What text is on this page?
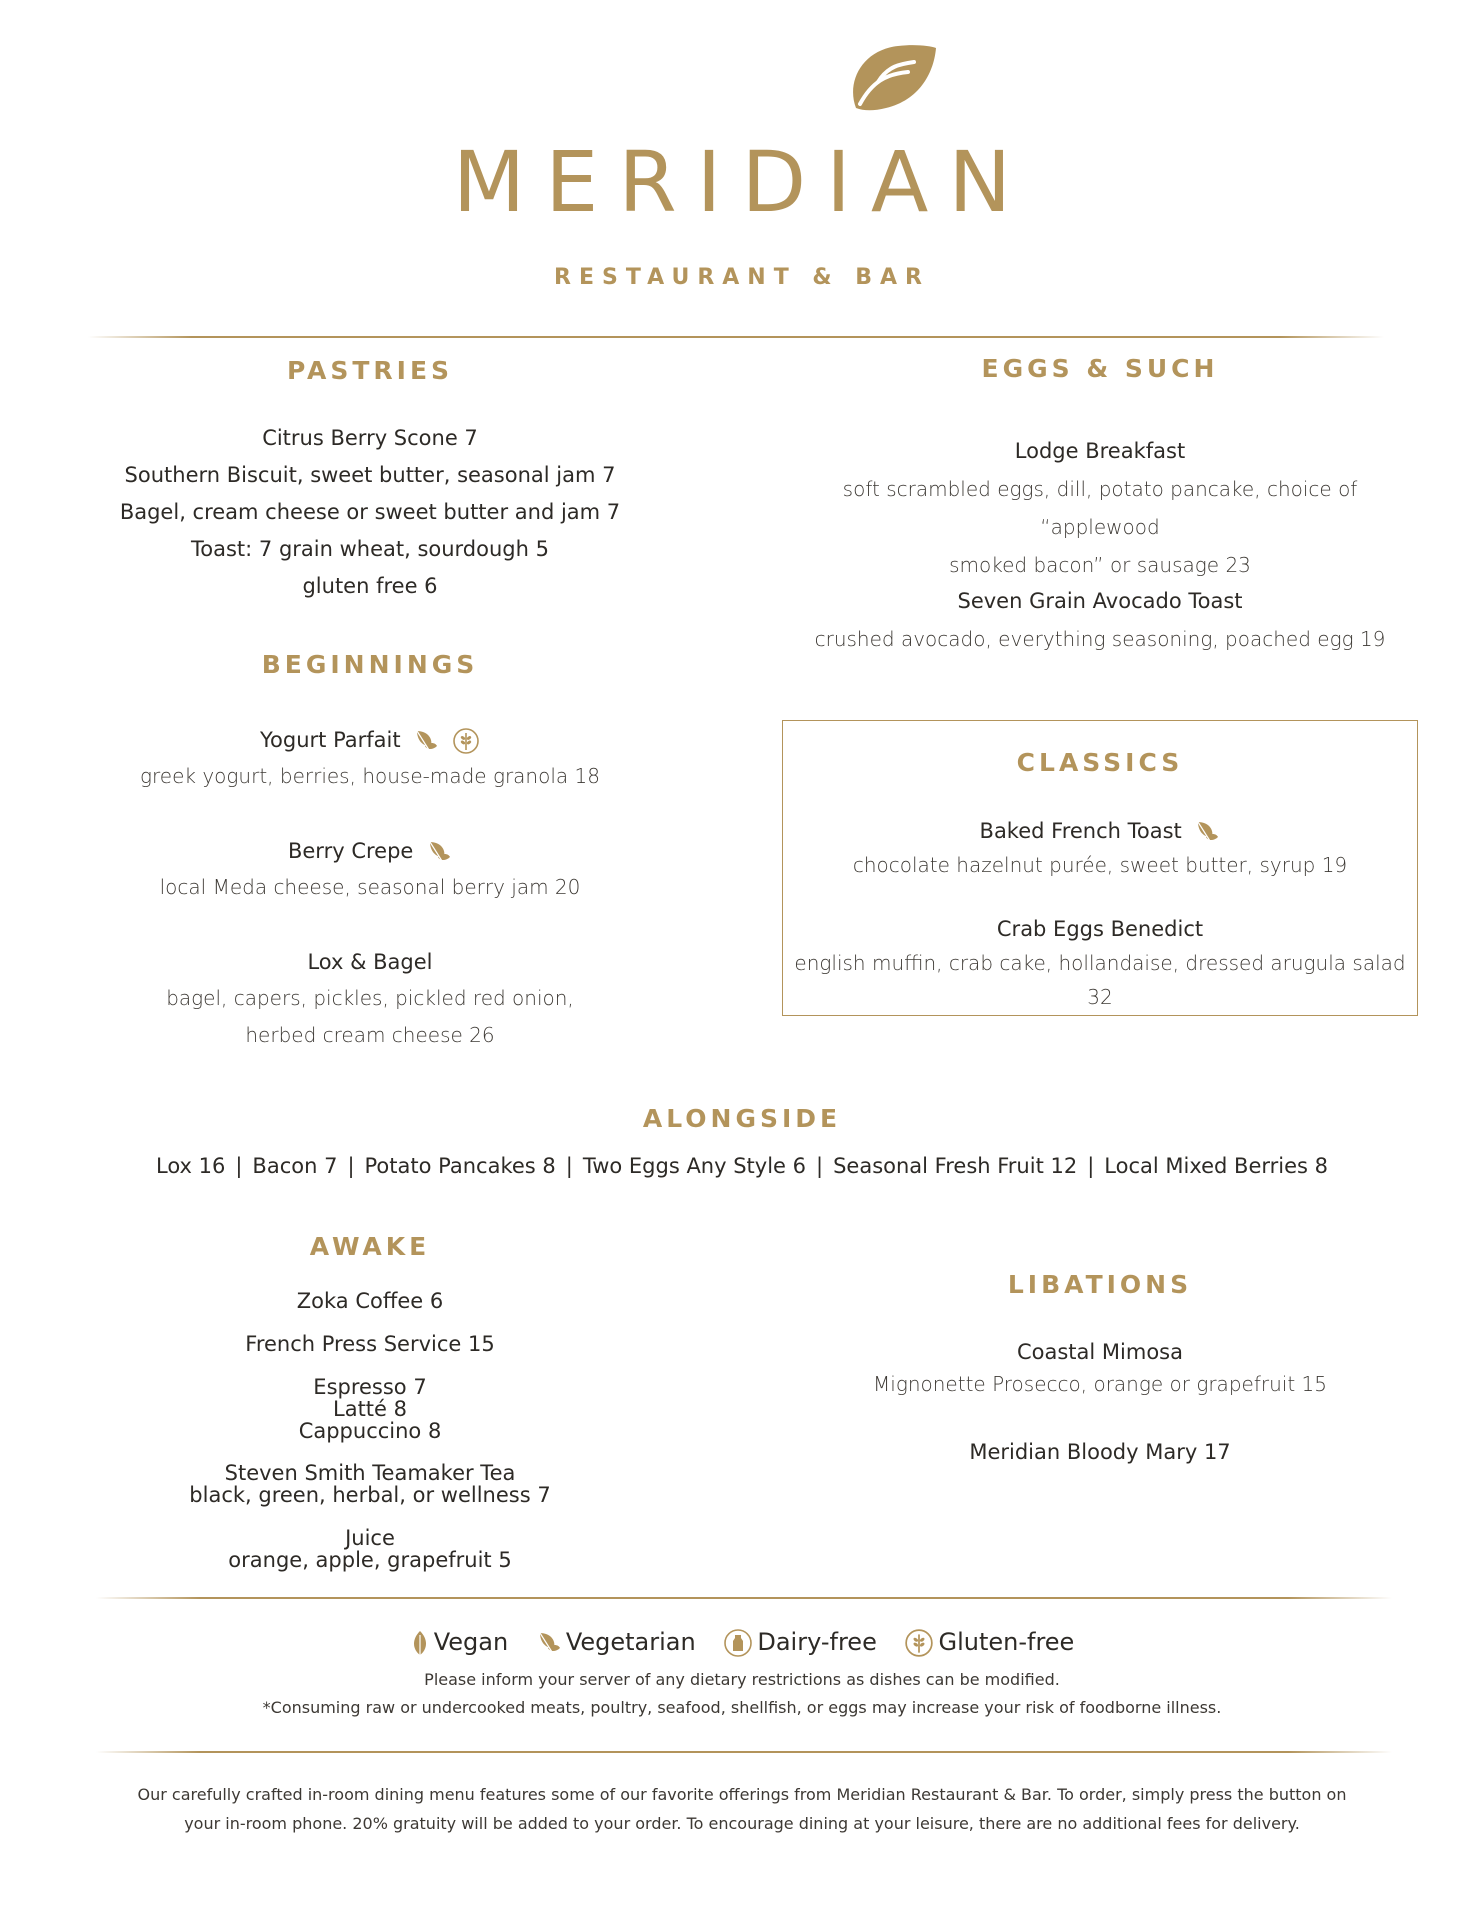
MERIDIAN
RESTAURANT & BAR
PASTRIES
Citrus Berry Scone 7
Southern Biscuit, sweet butter, seasonal jam 7
Bagel, cream cheese or sweet butter and jam 7
Toast: 7 grain wheat, sourdough 5
gluten free 6
BEGINNINGS
Yogurt Parfait
greek yogurt, berries, house-made granola 18
Berry Crepe
local Meda cheese, seasonal berry jam 20
Lox & Bagel
bagel, capers, pickles, pickled red onion,
herbed cream cheese 26
EGGS & SUCH
Lodge Breakfast
soft scrambled eggs, dill, potato pancake, choice of “applewood
smoked bacon” or sausage 23
Seven Grain Avocado Toast
crushed avocado, everything seasoning, poached egg 19
CLASSICS
Baked French Toast
chocolate hazelnut purée, sweet butter, syrup 19
Crab Eggs Benedict
english muffin, crab cake, hollandaise, dressed arugula salad 32
ALONGSIDE
Lox 16 | Bacon 7 | Potato Pancakes 8 | Two Eggs Any Style 6 | Seasonal Fresh Fruit 12 | Local Mixed Berries 8
AWAKE
Zoka Coffee 6
French Press Service 15
Espresso 7
Latté 8
Cappuccino 8
Steven Smith Teamaker Tea
black, green, herbal, or wellness 7
Juice
orange, apple, grapefruit 5
LIBATIONS
Coastal Mimosa
Mignonette Prosecco, orange or grapefruit 15
Meridian Bloody Mary 17
Vegan Vegetarian	Dairy-free	Gluten-free
Please inform your server of any dietary restrictions as dishes can be modified.
*Consuming raw or undercooked meats, poultry, seafood, shellfish, or eggs may increase your risk of foodborne illness.
Our carefully crafted in-room dining menu features some of our favorite offerings from Meridian Restaurant & Bar. To order, simply press the button on
your in-room phone. 20% gratuity will be added to your order. To encourage dining at your leisure, there are no additional fees for delivery.
